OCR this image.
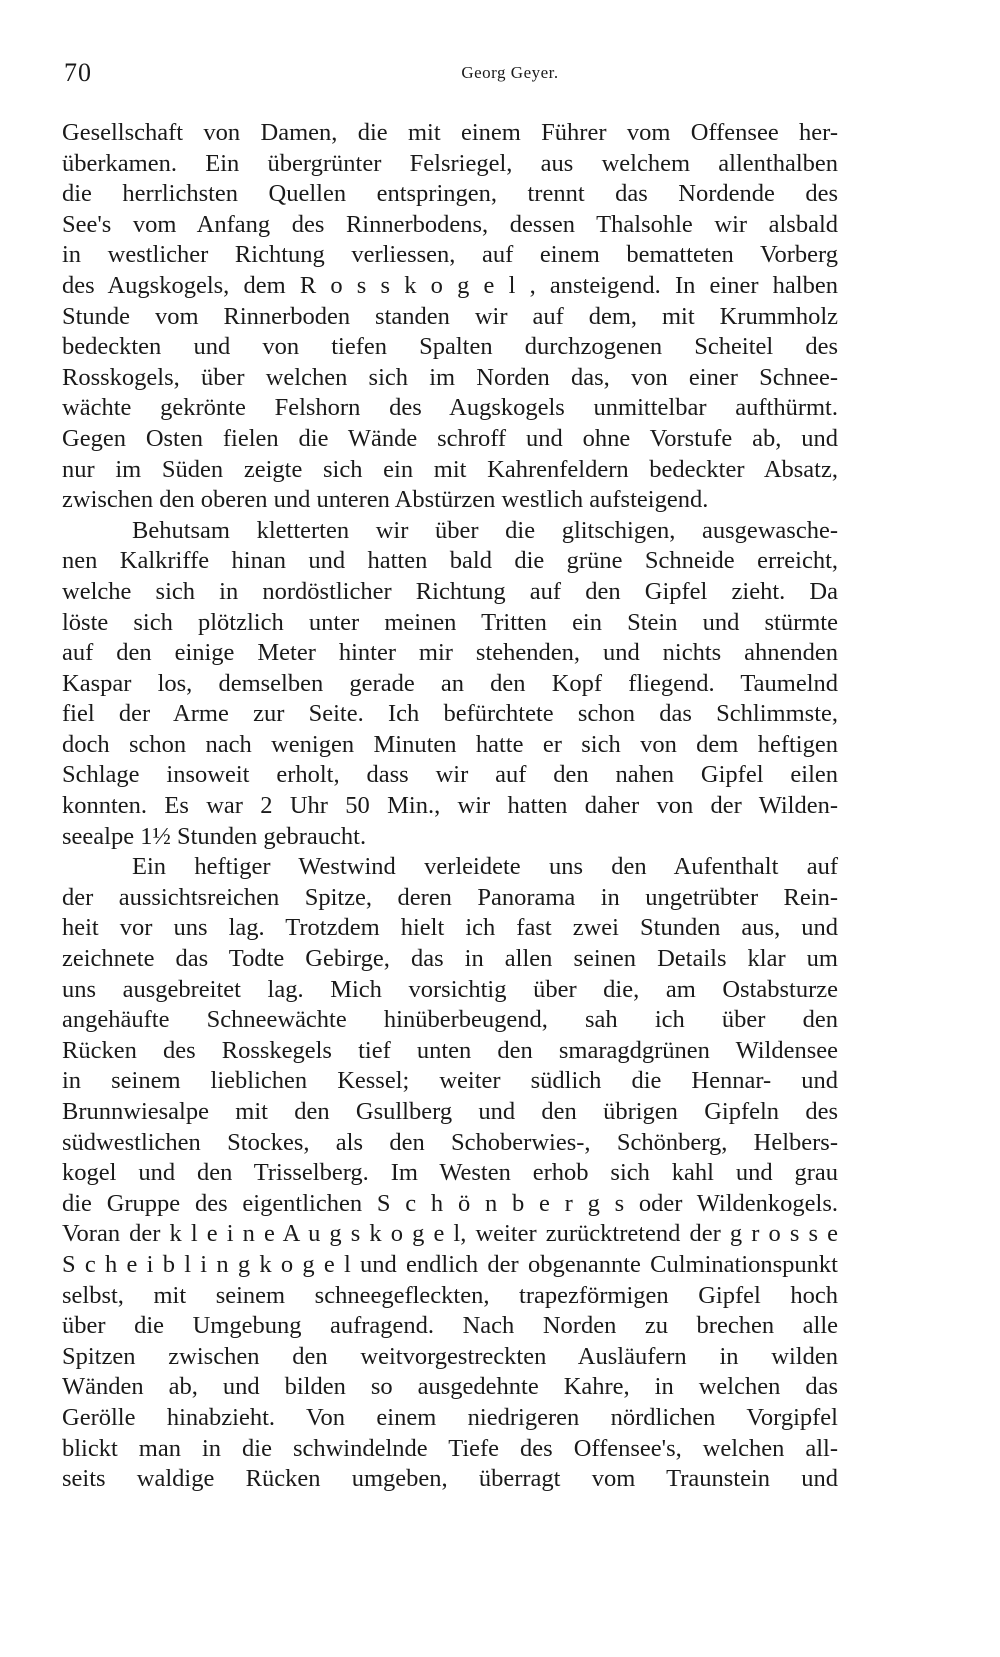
70	Georg Geyer.
Gesellschaft von Damen, die mit einem Führer vom Offensee her-
überkamen. Ein übergrünter Felsriegel, aus welchem allenthalben
die herrlichsten Quellen entspringen, trennt das Nordende des
See's vom Anfang des Rinnerbodens, dessen Thalsohle wir alsbald
in westlicher Richtung verliessen, auf einem bematteten Vorberg
des Augskogels, dem R o s s k o g e l , ansteigend. In einer halben
Stunde vom Rinnerboden standen wir auf dem, mit Krummholz
bedeckten und von tiefen Spalten durchzogenen Scheitel des
Rosskogels, über welchen sich im Norden das, von einer Schnee-
wächte gekrönte Felshorn des Augskogels unmittelbar aufthürmt.
Gegen Osten fielen die Wände schroff und ohne Vorstufe ab, und
nur im Süden zeigte sich ein mit Kahrenfeldern bedeckter Absatz,
zwischen den oberen und unteren Abstürzen westlich aufsteigend.
Behutsam kletterten wir über die glitschigen, ausgewasche-
nen Kalkriffe hinan und hatten bald die grüne Schneide erreicht,
welche sich in nordöstlicher Richtung auf den Gipfel zieht. Da
löste sich plötzlich unter meinen Tritten ein Stein und stürmte
auf den einige Meter hinter mir stehenden, und nichts ahnenden
Kaspar los, demselben gerade an den Kopf fliegend. Taumelnd
fiel der Arme zur Seite. Ich befürchtete schon das Schlimmste,
doch schon nach wenigen Minuten hatte er sich von dem heftigen
Schlage insoweit erholt, dass wir auf den nahen Gipfel eilen
konnten. Es war 2 Uhr 50 Min., wir hatten daher von der Wilden-
seealpe 1½ Stunden gebraucht.
Ein heftiger Westwind verleidete uns den Aufenthalt auf
der aussichtsreichen Spitze, deren Panorama in ungetrübter Rein-
heit vor uns lag. Trotzdem hielt ich fast zwei Stunden aus, und
zeichnete das Todte Gebirge, das in allen seinen Details klar um
uns ausgebreitet lag. Mich vorsichtig über die, am Ostabsturze
angehäufte Schneewächte hinüberbeugend, sah ich über den
Rücken des Rosskegels tief unten den smaragdgrünen Wildensee
in seinem lieblichen Kessel; weiter südlich die Hennar- und
Brunnwiesalpe mit den Gsullberg und den übrigen Gipfeln des
südwestlichen Stockes, als den Schoberwies-, Schönberg, Helbers-
kogel und den Trisselberg. Im Westen erhob sich kahl und grau
die Gruppe des eigentlichen S c h ö n b e r g s oder Wildenkogels.
Voran der k l e i n e A u g s k o g e l, weiter zurücktretend der g r o s s e
S c h e i b l i n g k o g e l und endlich der obgenannte Culminationspunkt
selbst, mit seinem schneegefleckten, trapezförmigen Gipfel hoch
über die Umgebung aufragend. Nach Norden zu brechen alle
Spitzen zwischen den weitvorgestreckten Ausläufern in wilden
Wänden ab, und bilden so ausgedehnte Kahre, in welchen das
Gerölle hinabzieht. Von einem niedrigeren nördlichen Vorgipfel
blickt man in die schwindelnde Tiefe des Offensee's, welchen all-
seits waldige Rücken umgeben, überragt vom Traunstein und
